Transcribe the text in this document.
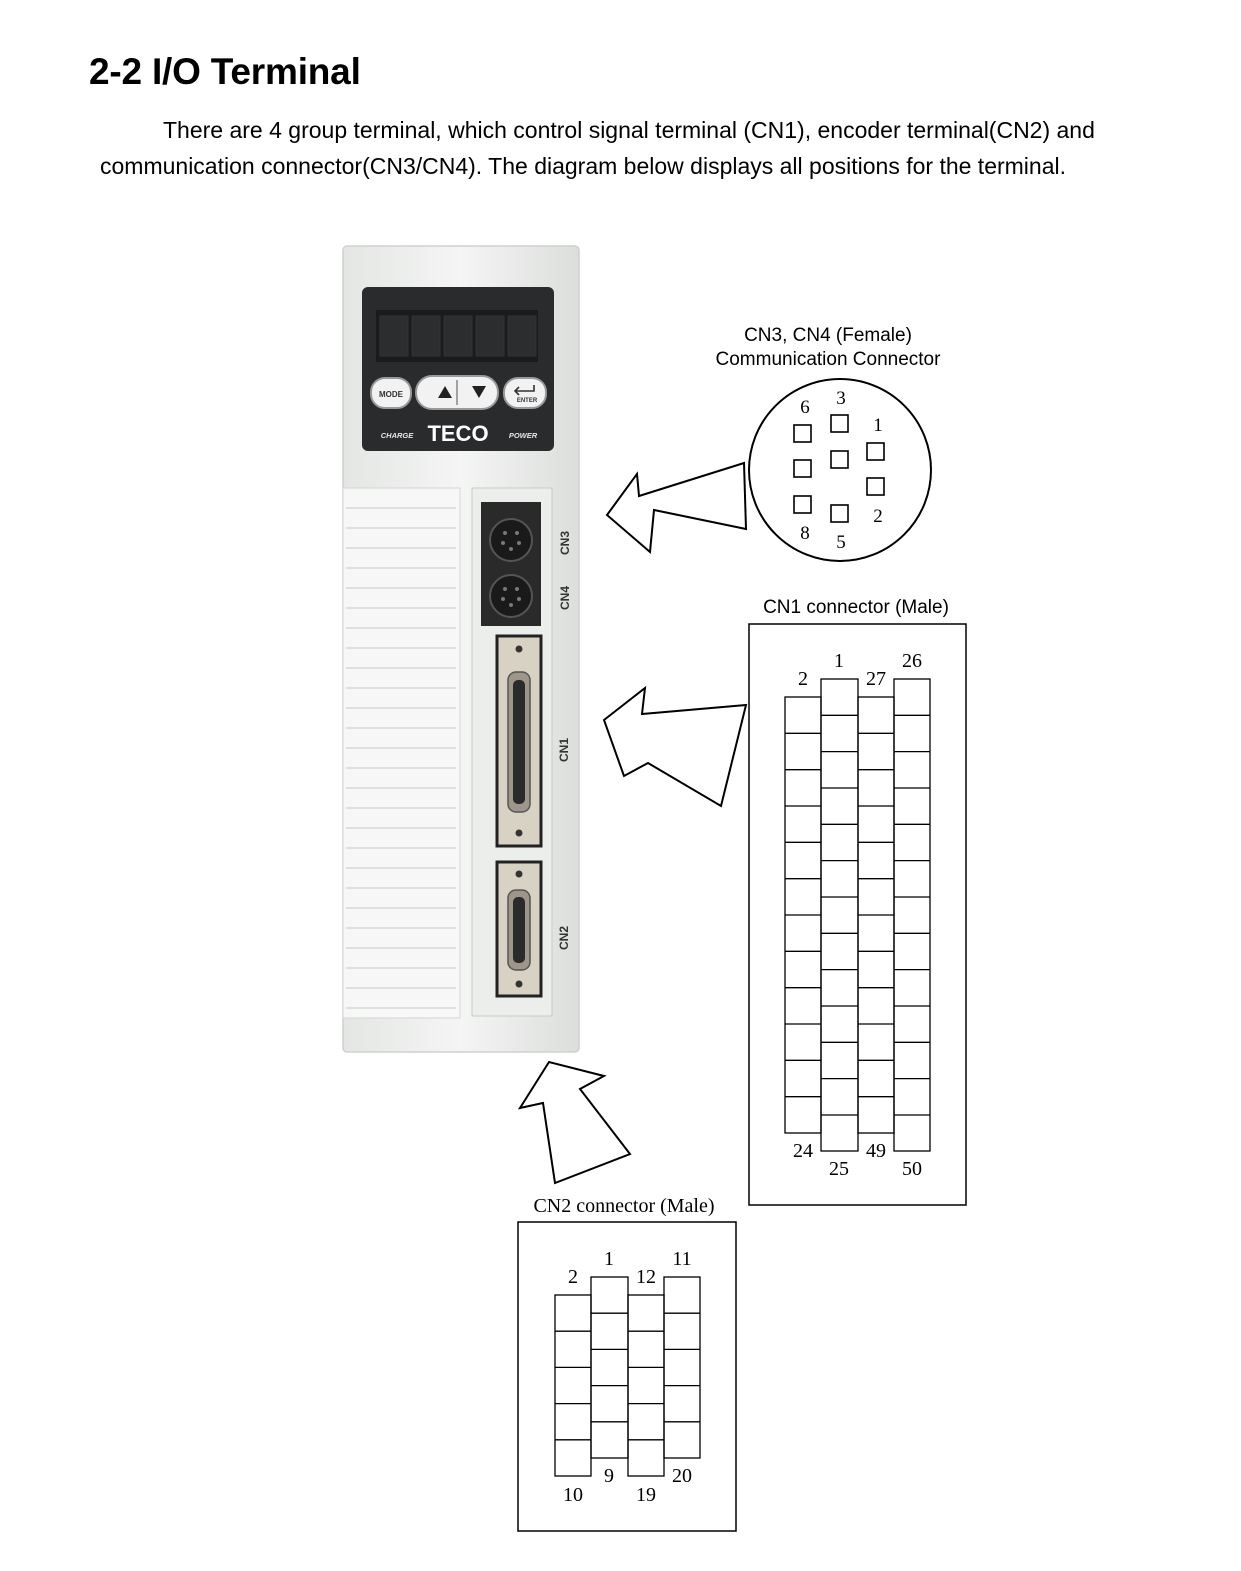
2-2 I/O Terminal

There are 4 group terminal, which control signal terminal (CN1), encoder terminal(CN2) and
communication connector(CN3/CN4). The diagram below displays all positions for the terminal.

MODE
ENTER
CHARGE TECO	POWER
CN3
CN4
CN1
CN2
CN3, CN4 (Female)
Communication Connector
6 3
1
8 5
2
CN1 connector (Male)
2
1
27
26
24
25
49
50
CN2 connector (Male)
2
1
12
11
10
9
19
20
